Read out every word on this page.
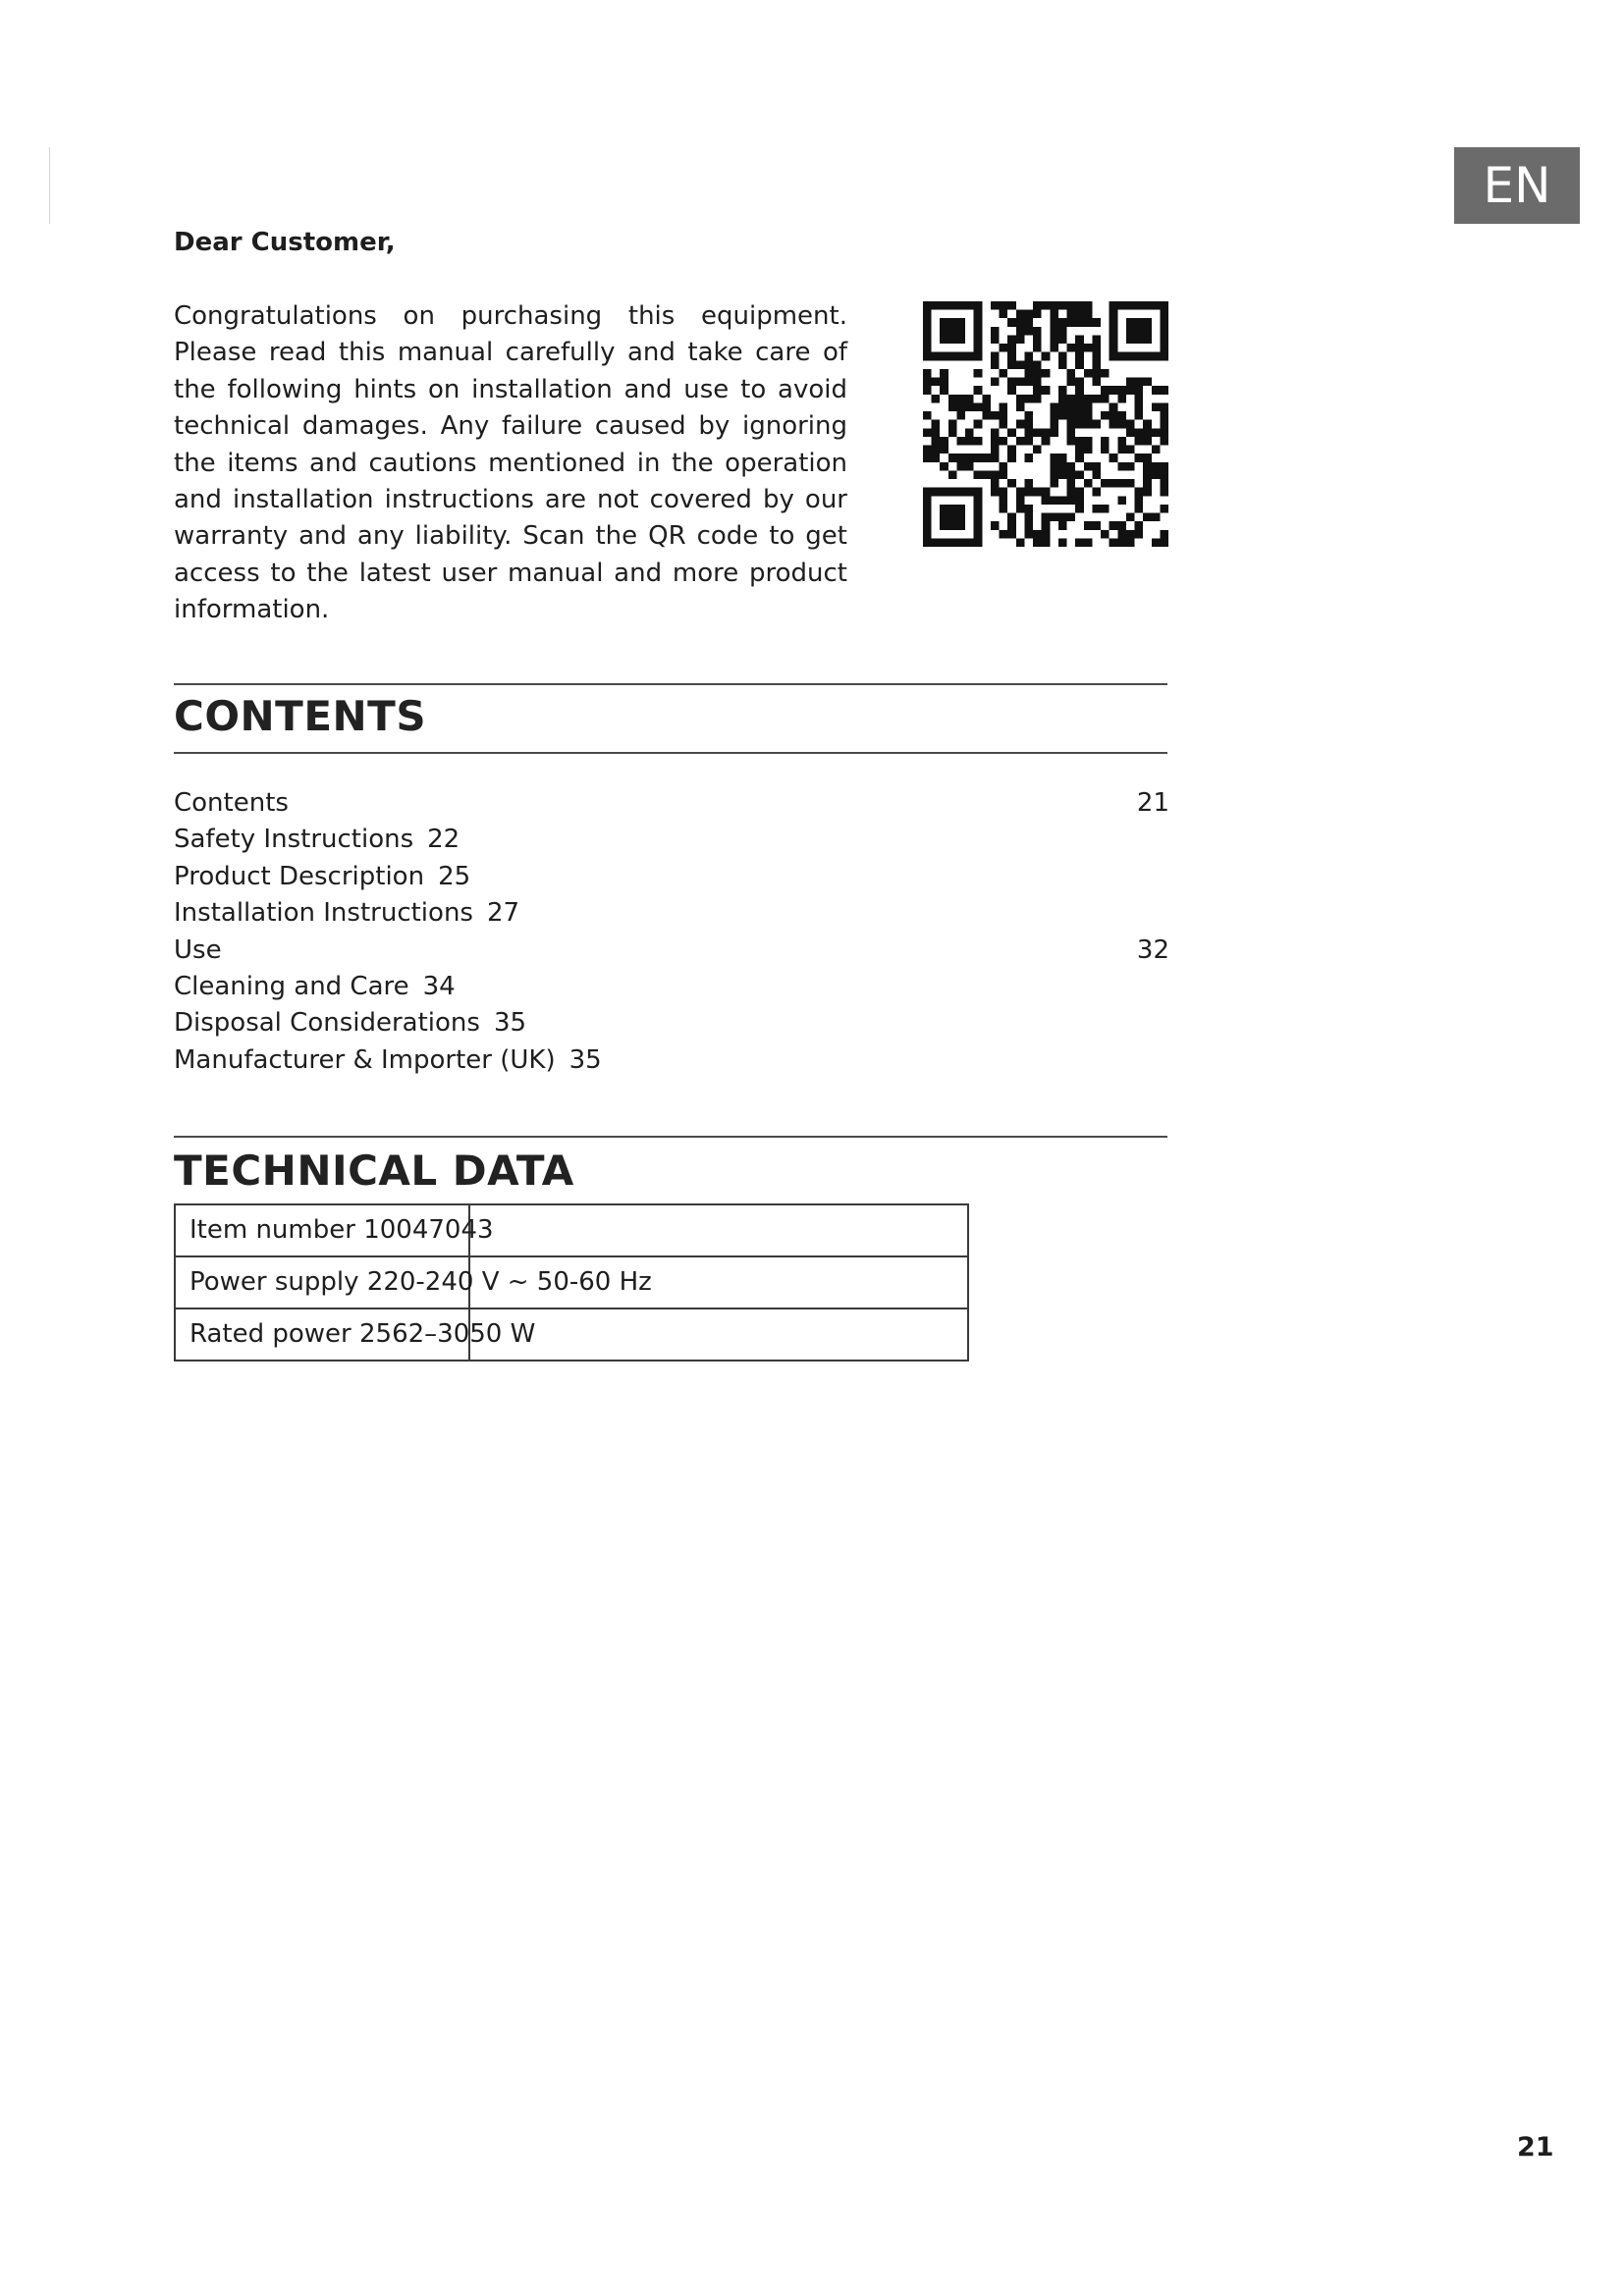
EN
Dear Customer,

Congratulations on purchasing this equipment. Please read this manual carefully and take care of the following hints on installation and use to avoid technical damages. Any failure caused by ignoring the items and cautions mentioned in the operation and installation instructions are not covered by our warranty and any liability. Scan the QR code to get access to the latest user manual and more product information.

CONTENTS
Contents	21
Safety Instructions 22
Product Description 25
Installation Instructions 27
Use	32
Cleaning and Care 34
Disposal Considerations 35
Manufacturer & Importer (UK) 35
TECHNICAL DATA
Item number 10047043	
Power supply 220-240 V ~ 50-60 Hz	
Rated power 2562–3050 W	
21
